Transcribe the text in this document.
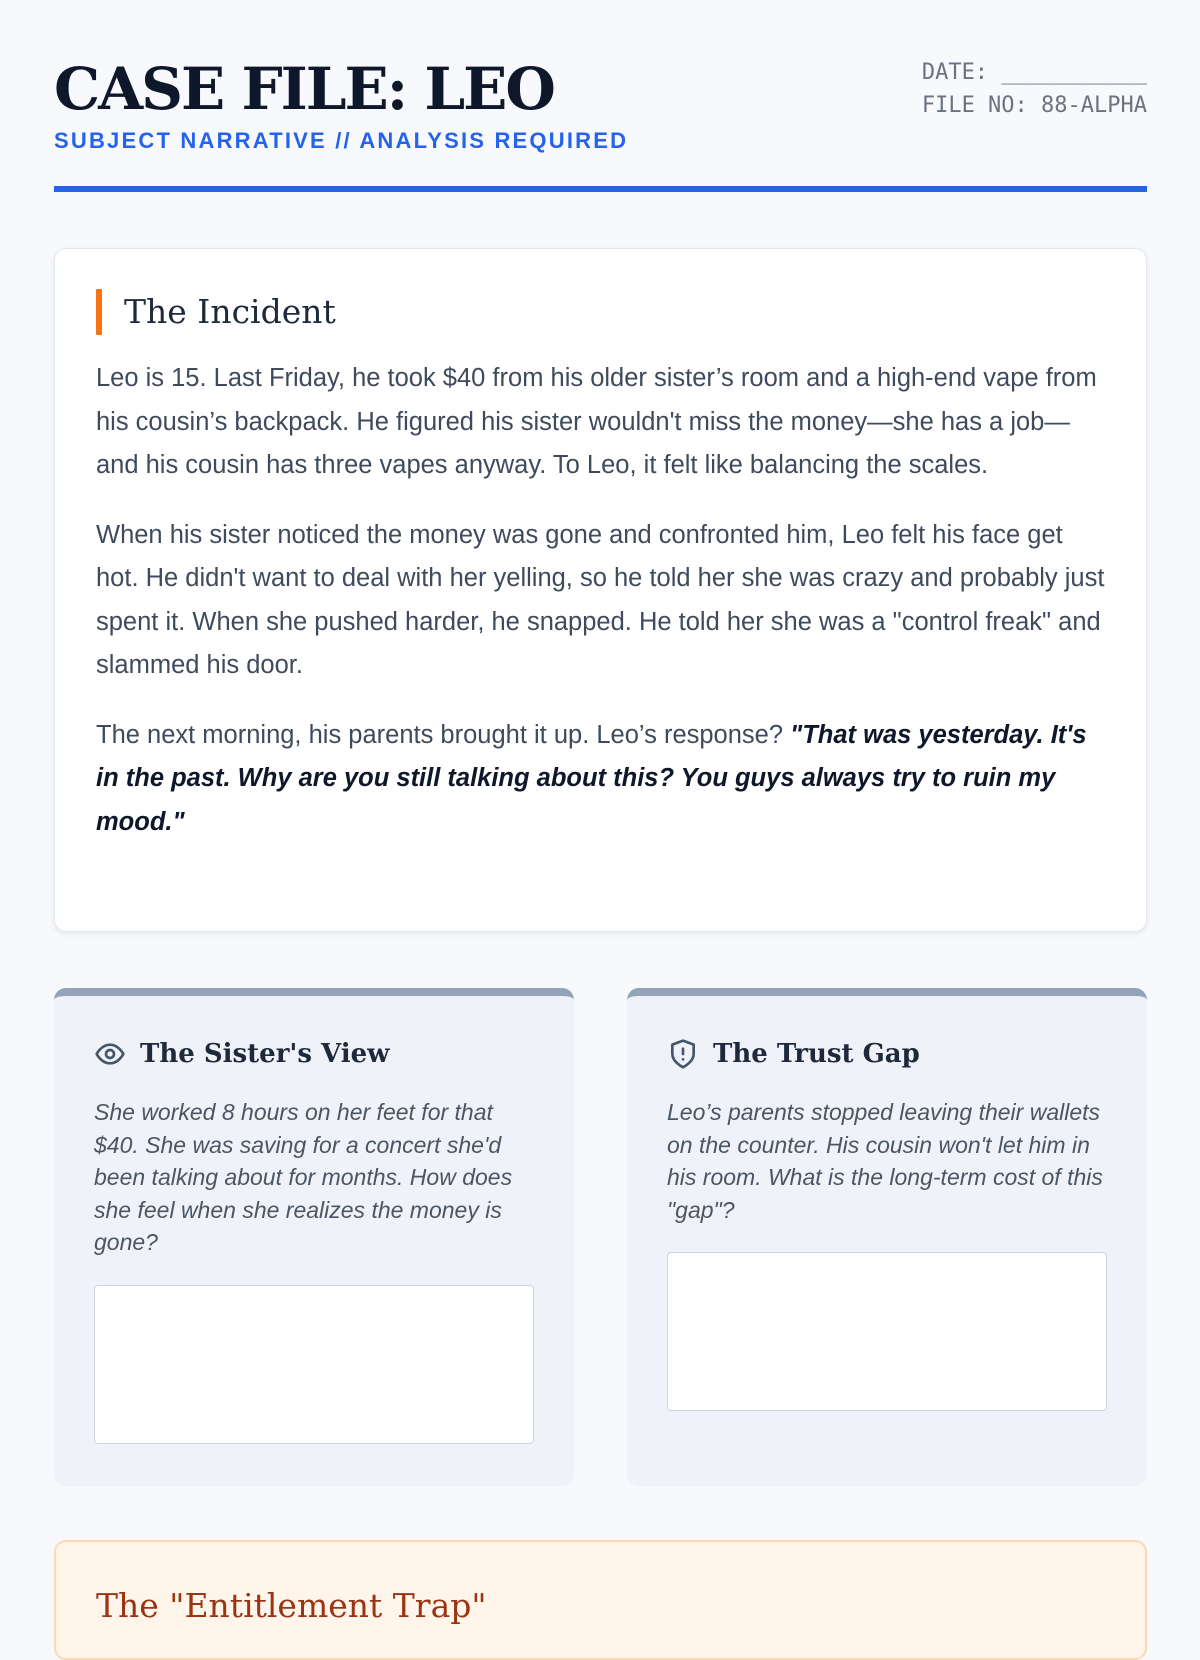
CASE FILE: LEO
SUBJECT NARRATIVE // ANALYSIS REQUIRED
DATE: ___________
FILE NO: 88-ALPHA
The Incident

Leo is 15. Last Friday, he took $40 from his older sister’s room and a high-end vape from his cousin’s backpack. He figured his sister wouldn't miss the money—she has a job—and his cousin has three vapes anyway. To Leo, it felt like balancing the scales.

When his sister noticed the money was gone and confronted him, Leo felt his face get hot. He didn't want to deal with her yelling, so he told her she was crazy and probably just spent it. When she pushed harder, he snapped. He told her she was a "control freak" and slammed his door.

The next morning, his parents brought it up. Leo’s response? "That was yesterday. It's in the past. Why are you still talking about this? You guys always try to ruin my mood."

The Sister's View
She worked 8 hours on her feet for that $40. She was saving for a concert she'd been talking about for months. How does she feel when she realizes the money is gone?
The Trust Gap
Leo’s parents stopped leaving their wallets on the counter. His cousin won't let him in his room. What is the long-term cost of this "gap"?
The "Entitlement Trap"
